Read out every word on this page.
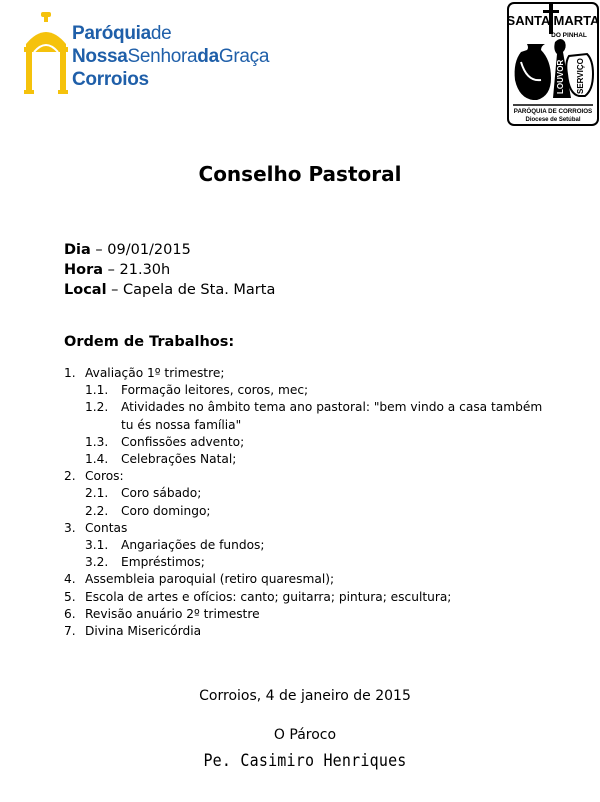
Paróquiade
NossaSenhoradaGraça
Corroios
SANTA MARTA
DO PINHAL
LOUVOR SERVIÇO
PARÓQUIA DE CORROIOS
Diocese de Setúbal
Conselho Pastoral
Dia – 09/01/2015
Hora – 21.30h
Local – Capela de Sta. Marta
Ordem de Trabalhos:
1. Avaliação 1º trimestre;
1.1. Formação leitores, coros, mec;
1.2. Atividades no âmbito tema ano pastoral: "bem vindo a casa também tu és nossa família"
1.3. Confissões advento;
1.4. Celebrações Natal;
2. Coros:
2.1. Coro sábado;
2.2. Coro domingo;
3. Contas
3.1. Angariações de fundos;
3.2. Empréstimos;
4. Assembleia paroquial (retiro quaresmal);
5. Escola de artes e ofícios: canto; guitarra; pintura; escultura;
6. Revisão anuário 2º trimestre
7. Divina Misericórdia
Corroios, 4 de janeiro de 2015
O Pároco
Pe. Casimiro Henriques
